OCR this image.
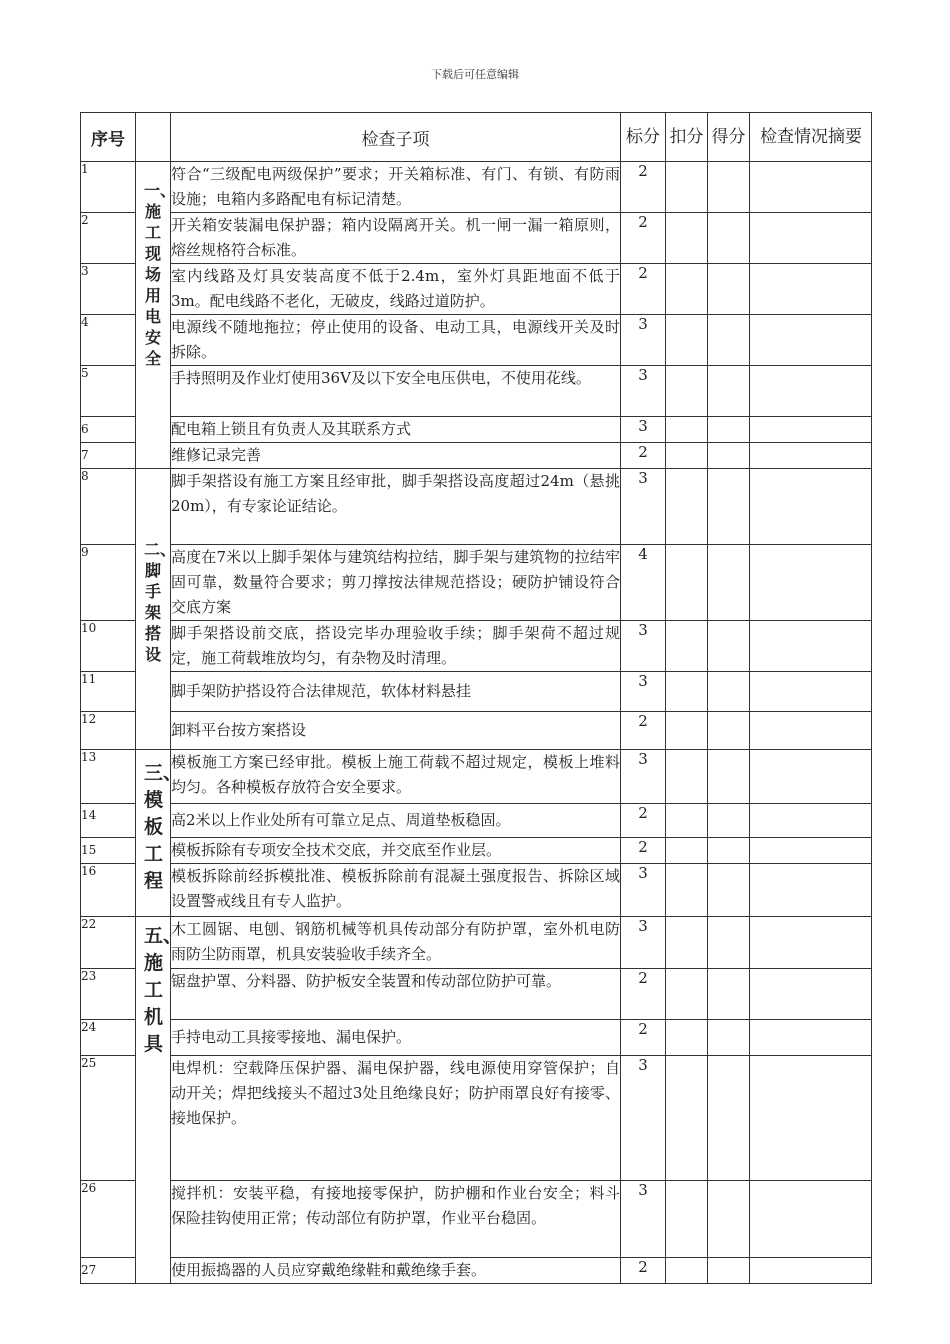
下载后可任意编辑
序号		检查子项	标分	扣分	得分	检查情况摘要
1	一、施工现场用电安全	符合“三级配电两级保护”要求；开关箱标准、有门、有锁、有防雨设施；电箱内多路配电有标记清楚。	2			
2		开关箱安装漏电保护器；箱内设隔离开关。机一闸一漏一箱原则，熔丝规格符合标准。	2			
3		室内线路及灯具安装高度不低于2.4m，室外灯具距地面不低于3m。配电线路不老化，无破皮，线路过道防护。	2			
4		电源线不随地拖拉；停止使用的设备、电动工具，电源线开关及时拆除。	3			
5		手持照明及作业灯使用36V及以下安全电压供电，不使用花线。	3			
6		配电箱上锁且有负责人及其联系方式	3			
7		维修记录完善	2			
8	二、脚手架搭设	脚手架搭设有施工方案且经审批，脚手架搭设高度超过24m（悬挑20m），有专家论证结论。	3			
9		高度在7米以上脚手架体与建筑结构拉结，脚手架与建筑物的拉结牢固可靠，数量符合要求；剪刀撑按法律规范搭设；硬防护铺设符合交底方案	4			
10		脚手架搭设前交底，搭设完毕办理验收手续；脚手架荷不超过规定，施工荷载堆放均匀，有杂物及时清理。	3			
11		脚手架防护搭设符合法律规范，软体材料悬挂	3			
12		卸料平台按方案搭设	2			
13	三、模板工程	模板施工方案已经审批。模板上施工荷载不超过规定，模板上堆料均匀。各种模板存放符合安全要求。	3			
14		高2米以上作业处所有可靠立足点、周道垫板稳固。	2			
15		模板拆除有专项安全技术交底，并交底至作业层。	2			
16		模板拆除前经拆模批准、模板拆除前有混凝土强度报告、拆除区域设置警戒线且有专人监护。	3			
22	五、施工机具	木工圆锯、电刨、钢筋机械等机具传动部分有防护罩，室外机电防雨防尘防雨罩，机具安装验收手续齐全。	3			
23		锯盘护罩、分料器、防护板安全装置和传动部位防护可靠。	2			
24		手持电动工具接零接地、漏电保护。	2			
25		电焊机：空载降压保护器、漏电保护器，线电源使用穿管保护；自动开关；焊把线接头不超过3处且绝缘良好；防护雨罩良好有接零、接地保护。	3			
26		搅拌机：安装平稳，有接地接零保护，防护棚和作业台安全；料斗保险挂钩使用正常；传动部位有防护罩，作业平台稳固。	3			
27		使用振捣器的人员应穿戴绝缘鞋和戴绝缘手套。	2			
